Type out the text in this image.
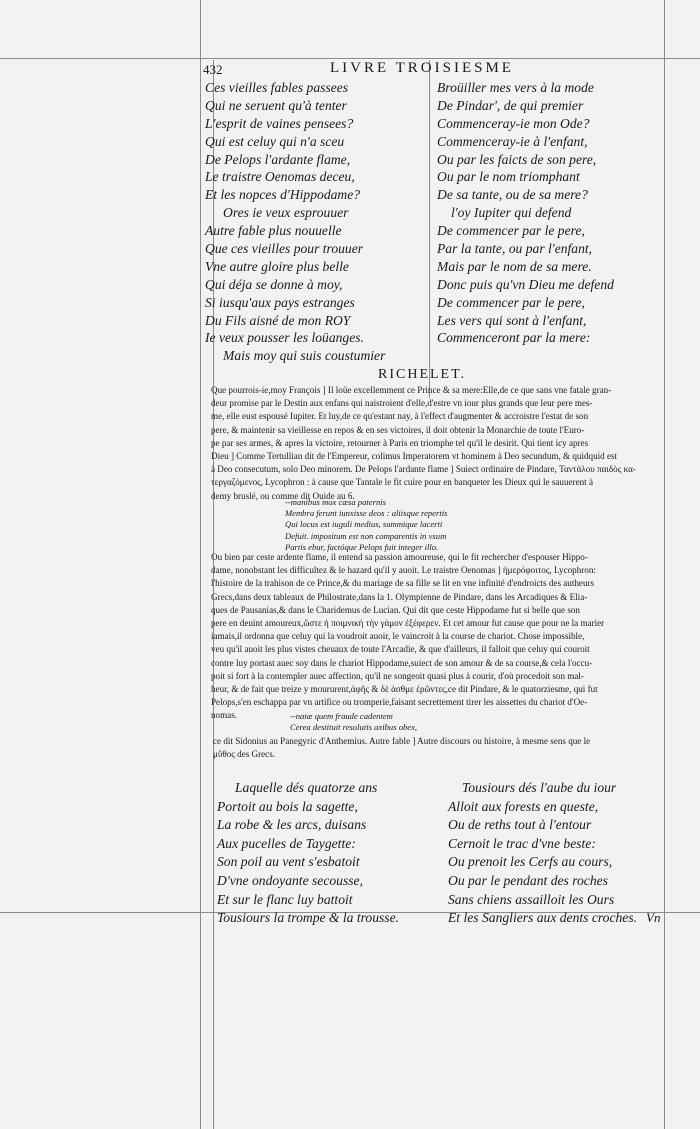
432	LIVRE TROISIESME
Ces vieilles fables passees
Qui ne seruent qu'à tenter
L'esprit de vaines pensees?
Qui est celuy qui n'a sceu
De Pelops l'ardante flame,
Le traistre Oenomas deceu,
Et les nopces d'Hippodame?
Ores ie veux esprouuer
Autre fable plus nouuelle
Que ces vieilles pour trouuer
Vne autre gloire plus belle
Qui déja se donne à moy,
Si iusqu'aux pays estranges
Du Fils aisné de mon ROY
Ie veux pousser les loüanges.
Mais moy qui suis coustumier
Broüiller mes vers à la mode
De Pindar', de qui premier
Commenceray-ie mon Ode?
Commenceray-ie à l'enfant,
Ou par les faicts de son pere,
Ou par le nom triomphant
De sa tante, ou de sa mere?
l'oy Iupiter qui defend
De commencer par le pere,
Par la tante, ou par l'enfant,
Mais par le nom de sa mere.
Donc puis qu'vn Dieu me defend
De commencer par le pere,
Les vers qui sont à l'enfant,
Commenceront par la mere:
RICHELET.
Que pourrois-ie,moy François ] Il loüe excellemment ce Prince & sa mere:Elle,de ce que sans vne fatale gran-
deur promise par le Destin aux enfans qui naistroient d'elle,d'estre vn iour plus grands que leur pere mes-
me, elle eust espousé Iupiter. Et luy,de ce qu'estant nay, à l'effect d'augmenter & accroistre l'estat de son
pere, & maintenir sa vieillesse en repos & en ses victoires, il doit obtenir la Monarchie de toute l'Euro-
pe par ses armes, & apres la victoire, retourner à Paris en triomphe tel qu'il le desirit. Qui tient icy apres
Dieu ] Comme Tertullian dit de l'Empereur, colimus Imperatorem vt hominem à Deo secundum, & quidquid est
à Deo consecutum, solo Deo minorem. De Pelops l'ardante flame ] Suiect ordinaire de Pindare, Ταντάλου παιδὸς κα-
τεργαζόμενος, Lycophron : à cause que Tantale le fit cuire pour en banqueter les Dieux qui le sauuerent à
demy bruslé, ou comme dit Ouide au 6.
--manibus mox cæsa paternis
Membra ferunt iunxisse deos : aliisque repertis
Qui locus est iuguli medius, summique lacerti
Defuit. impositum est non comparentis in vsum
Partis ebur, factóque Pelops fuit integer illo.
Ou bien par ceste ardente flame, il entend sa passion amoureuse, qui le fit rechercher d'espouser Hippo-
dame, nonobstant les difficultez & le hazard qu'il y auoit. Le traistre Oenomas ] ἡμερόφοιτος, Lycophron:
l'histoire de la trahison de ce Prince,& du mariage de sa fille se lit en vne infinité d'endroicts des autheurs
Grecs,dans deux tableaux de Philostrate,dans la 1. Olympienne de Pindare, dans les Arcadiques & Elia-
ques de Pausanias,& dans le Charidemus de Lucian. Qui dit que ceste Hippodame fut si belle que son
pere en deuint amoureux,ὥστε ἡ ποιμνική τὴν γάμον ἐξέφερεν. Et cet amour fut cause que pour ne la marier
iamais,il ordonna que celuy qui la voudroit auoir, le vaincroit à la course de chariot. Chose impossible,
veu qu'il auoit les plus vistes cheuaux de toute l'Arcadie, & que d'ailleurs, il falloit que celuy qui couroit
contre luy portast auec soy dans le chariot Hippodame,suiect de son amour & de sa course,& cela l'occu-
poit si fort à la contempler auec affection, qu'il ne songeoit quasi plus à courir, d'où procedoit son mal-
heur, & de fait que treize y moururent,ἀφῆς & δὲ ἀσθμε ἐρῶντες,ce dit Pindare, & le quatorziesme, qui fut
Pelops,s'en eschappa par vn artifice ou tromperie,faisant secrettement tirer les aissettes du chariot d'Oe-
nomas.	--natæ quem fraude cadentem
Cerea destituit resolutis axibus obex,
ce dit Sidonius au Panegyric d'Anthemius. Autre fable ] Autre discours ou histoire, à mesme sens que le
μῦθος des Grecs.
Laquelle dés quatorze ans
Portoit au bois la sagette,
La robe & les arcs, duisans
Aux pucelles de Taygette:
Son poil au vent s'esbatoit
D'vne ondoyante secousse,
Et sur le flanc luy battoit
Tousiours la trompe & la trousse.
Tousiours dés l'aube du iour
Alloit aux forests en queste,
Ou de reths tout à l'entour
Cernoit le trac d'vne beste:
Ou prenoit les Cerfs au cours,
Ou par le pendant des roches
Sans chiens assailloit les Ours
Et les Sangliers aux dents croches. Vn
